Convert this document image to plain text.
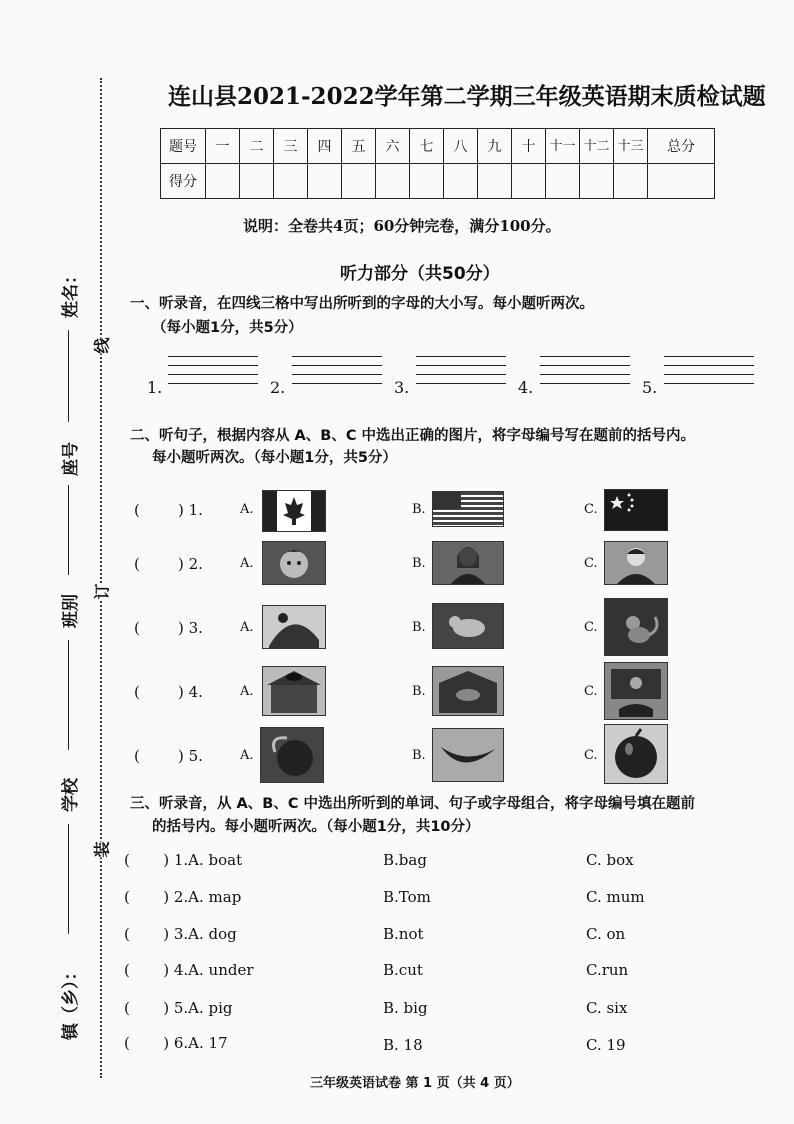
姓名：
座号
班别
学校
镇（乡）：
线
订
装
连山县2021-2022学年第二学期三年级英语期末质检试题
题号	一	二	三	四	五	六	七	八	九	十	十一	十二	十三	总分
得分														
说明：全卷共4页；60分钟完卷，满分100分。
听力部分（共50分）
一、听录音，在四线三格中写出所听到的字母的大小写。每小题听两次。
（每小题1分，共5分）
1.	2.	3.	4.	5.
二、听句子，根据内容从 A、B、C 中选出正确的图片，将字母编号写在题前的括号内。
每小题听两次。（每小题1分，共5分）
(        ) 1.	A.	B.	C.
(        ) 2.	A.	B.	C.
(        ) 3.	A.	B.	C.
(        ) 4.	A.	B.	C.
(        ) 5.	A.	B.	C.
三、听录音，从 A、B、C 中选出所听到的单词、句子或字母组合，将字母编号填在题前
的括号内。每小题听两次。（每小题1分，共10分）
(       ) 1.A. boat	B.bag	C. box
(       ) 2.A. map	B.Tom	C. mum
(       ) 3.A. dog	B.not	C. on
(       ) 4.A. under	B.cut	C.run
(       ) 5.A. pig	B. big	C. six
(       ) 6.A. 17	B. 18	C. 19
三年级英语试卷 第 1 页（共 4 页）
